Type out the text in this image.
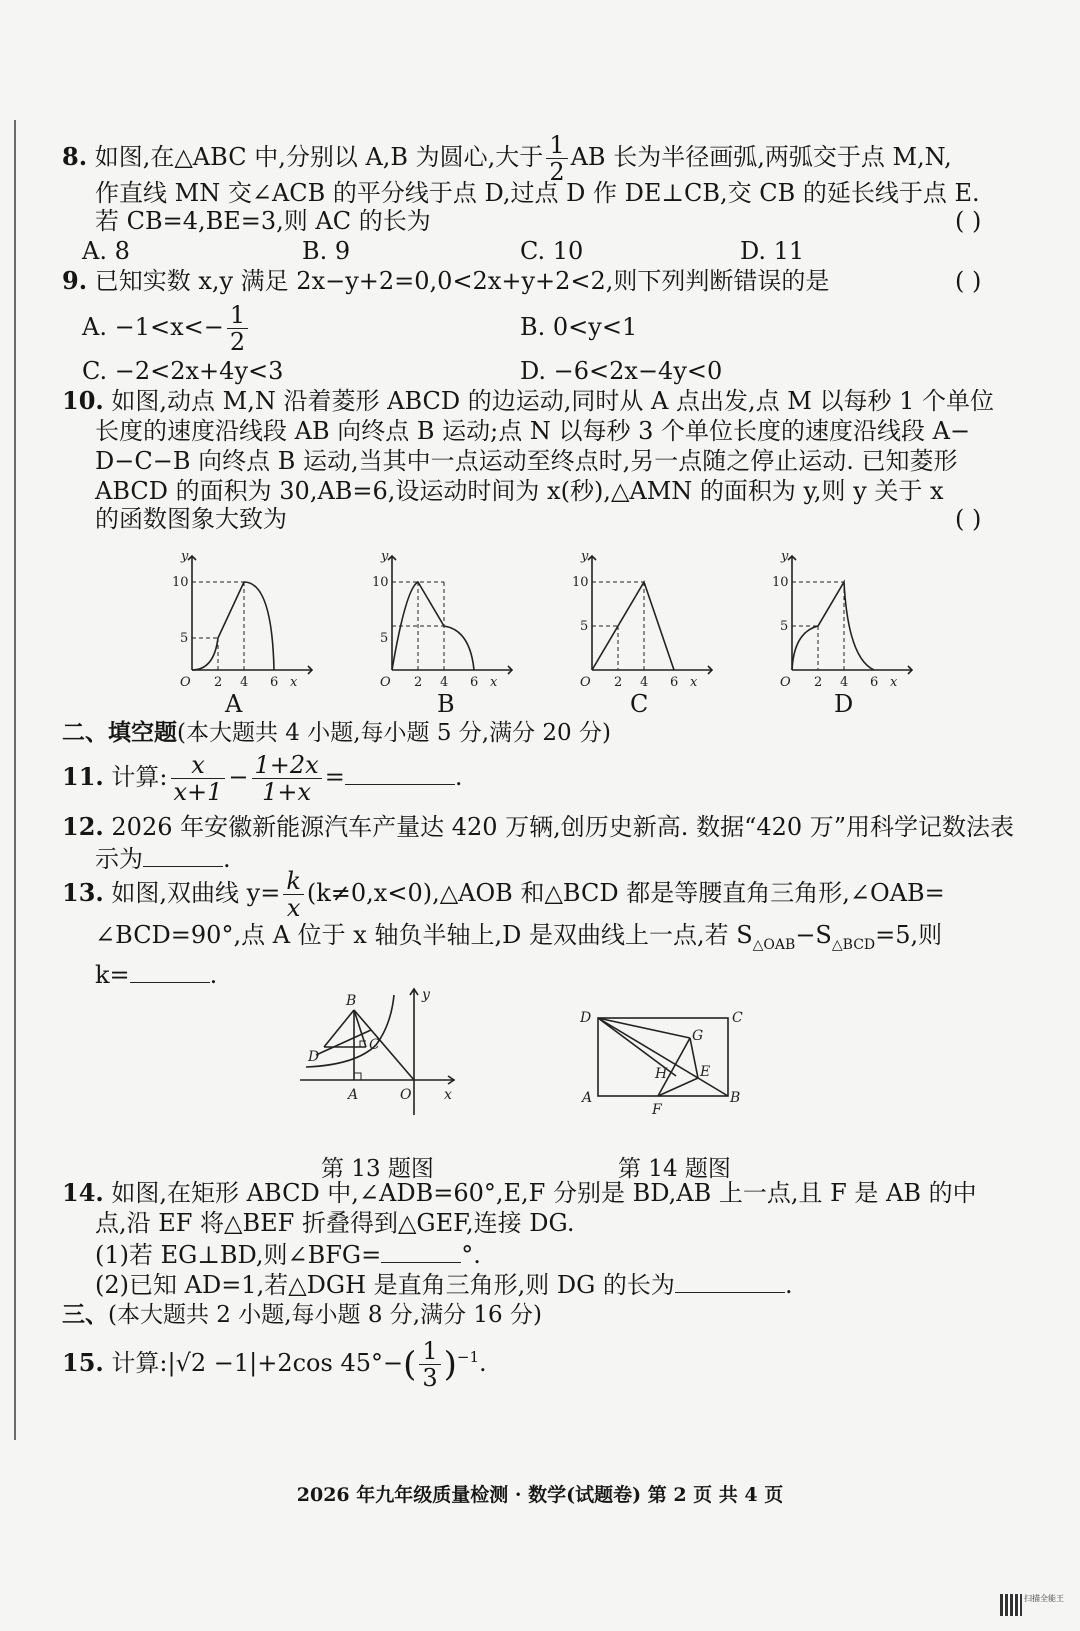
8. 如图,在△ABC 中,分别以 A,B 为圆心,大于 $\frac{1}{2}$ AB 长为半径画弧,两弧交于点 M,N,
作直线 MN 交∠ACB 的平分线于点 D,过点 D 作 DE⊥CB,交 CB 的延长线于点 E.
若 CB=4,BE=3,则 AC 的长为	( )
A. 8	B. 9	C. 10	D. 11
9. 已知实数 x,y 满足 2x−y+2=0,0<2x+y+2<2,则下列判断错误的是	( )
A. $-1<x<- \frac{1}{2}$	B. 0<y<1
C. −2<2x+4y<3	D. −6<2x−4y<0
10. 如图,动点 M,N 沿着菱形 ABCD 的边运动,同时从 A 点出发,点 M 以每秒 1 个单位
长度的速度沿线段 AB 向终点 B 运动;点 N 以每秒 3 个单位长度的速度沿线段 A−
D−C−B 向终点 B 运动,当其中一点运动至终点时,另一点随之停止运动. 已知菱形
ABCD 的面积为 30,AB=6,设运动时间为 x(秒),△AMN 的面积为 y,则 y 关于 x
的函数图象大致为	( )
y
10
5
O 2 4 6 x
A
y
10
5
O 2 4 6 x
B
y
10
5
O 2 4 6 x
C
y
10
5
O 2 4 6 x
D
二、填空题(本大题共 4 小题,每小题 5 分,满分 20 分)
11. 计算: $\frac{x}{x+1} - \frac{1+2x}{1+x}$ =	.
12. 2026 年安徽新能源汽车产量达 420 万辆,创历史新高. 数据“420 万”用科学记数法表
示为	.
13. 如图,双曲线 $y= \frac{k}{x}$ (k≠0,x<0),△AOB 和△BCD 都是等腰直角三角形,∠OAB=
∠BCD=90°,点 A 位于 x 轴负半轴上,D 是双曲线上一点,若 $S_{\triangle OAB}-S_{\triangle BCD}=5$,则
k=	.
y
x
B
C
D
A	O
第 13 题图
D	C
G
H E
A
F
B
第 14 题图
14. 如图,在矩形 ABCD 中,∠ADB=60°,E,F 分别是 BD,AB 上一点,且 F 是 AB 的中
点,沿 EF 将△BEF 折叠得到△GEF,连接 DG.
(1)若 EG⊥BD,则∠BFG=	°.
(2)已知 AD=1,若△DGH 是直角三角形,则 DG 的长为	.
三、(本大题共 2 小题,每小题 8 分,满分 16 分)
15. 计算:|√2 −1|+2cos $45^\circ-( \frac{1}{3} )^{-1}$.
2026 年九年级质量检测 · 数学(试题卷) 第 2 页 共 4 页
扫描全能王
